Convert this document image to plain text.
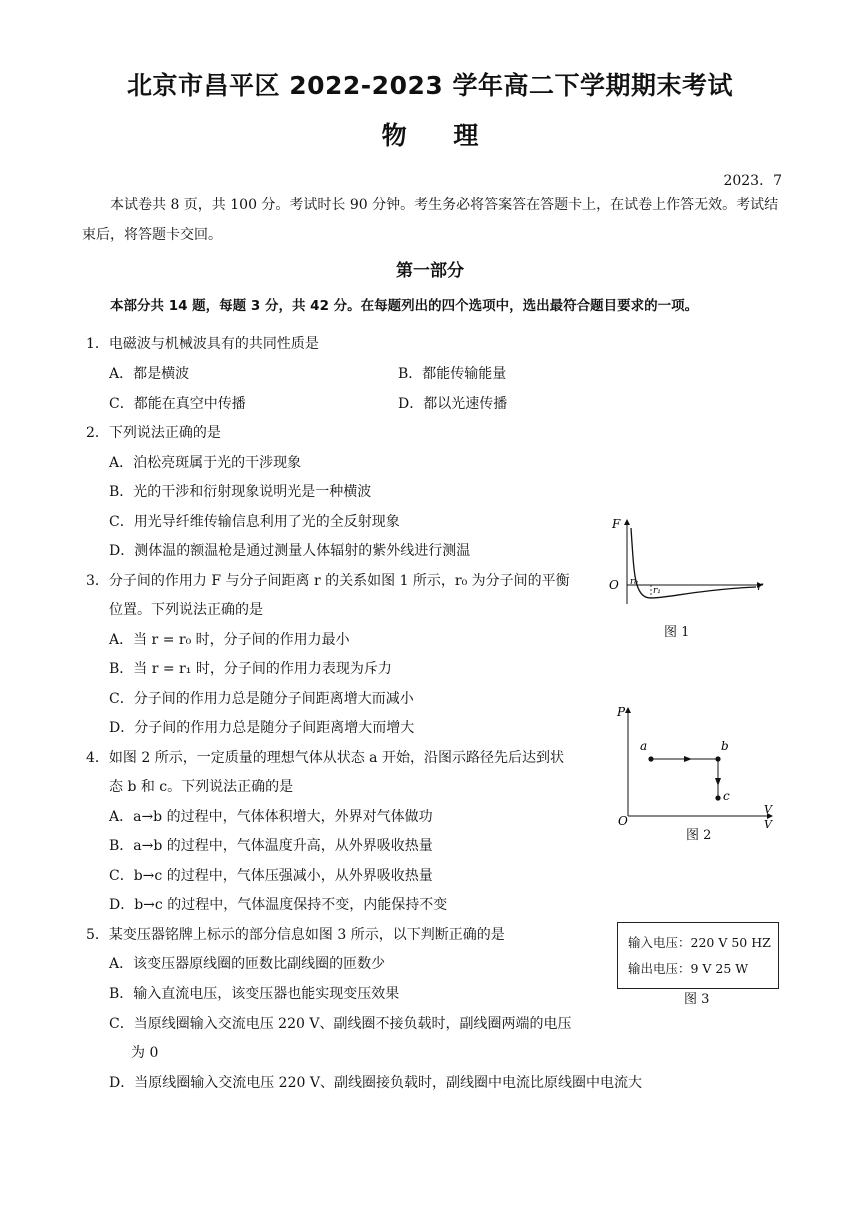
北京市昌平区 2022-2023 学年高二下学期期末考试
物 理
2023．7
本试卷共 8 页，共 100 分。考试时长 90 分钟。考生务必将答案答在答题卡上，在试卷上作答无效。考试结束后，将答题卡交回。
第一部分
本部分共 14 题，每题 3 分，共 42 分。在每题列出的四个选项中，选出最符合题目要求的一项。
1．电磁波与机械波具有的共同性质是
A．都是横波	B．都能传输能量
C．都能在真空中传播	D．都以光速传播
2．下列说法正确的是
A．泊松亮斑属于光的干涉现象
B．光的干涉和衍射现象说明光是一种横波
C．用光导纤维传输信息利用了光的全反射现象
D．测体温的额温枪是通过测量人体辐射的紫外线进行测温
3．分子间的作用力 F 与分子间距离 r 的关系如图 1 所示，r₀ 为分子间的平衡
位置。下列说法正确的是
A．当 r = r₀ 时，分子间的作用力最小
B．当 r = r₁ 时，分子间的作用力表现为斥力
C．分子间的作用力总是随分子间距离增大而减小
D．分子间的作用力总是随分子间距离增大而增大
4．如图 2 所示，一定质量的理想气体从状态 a 开始，沿图示路径先后达到状
态 b 和 c。下列说法正确的是
A．a→b 的过程中，气体体积增大，外界对气体做功
B．a→b 的过程中，气体温度升高，从外界吸收热量
C．b→c 的过程中，气体压强减小，从外界吸收热量
D．b→c 的过程中，气体温度保持不变，内能保持不变
5．某变压器铭牌上标示的部分信息如图 3 所示，以下判断正确的是
A．该变压器原线圈的匝数比副线圈的匝数少
B．输入直流电压，该变压器也能实现变压效果
C．当原线圈输入交流电压 220 V、副线圈不接负载时，副线圈两端的电压
为 0
D．当原线圈输入交流电压 220 V、副线圈接负载时，副线圈中电流比原线圈中电流大
F
O	r
r₀
r₁
图 1
P
O
V
V
a	b
c
图 2
输入电压：220 V 50 HZ
输出电压：9 V 25 W
图 3
